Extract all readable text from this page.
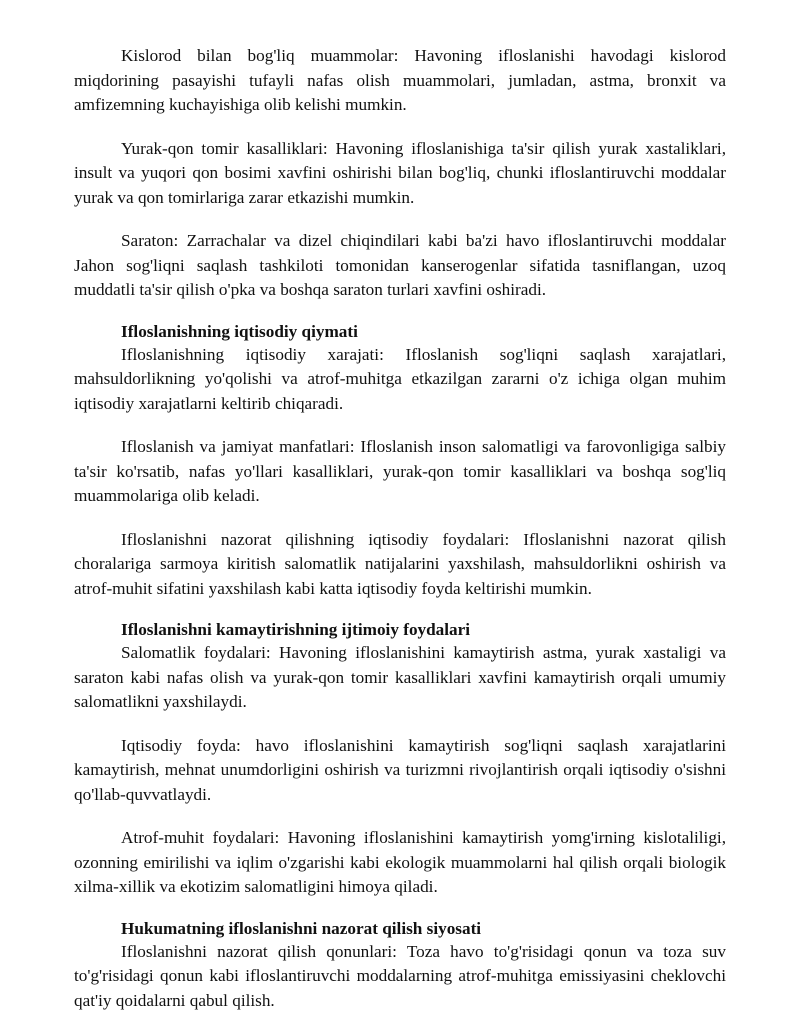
Kislorod bilan bog'liq muammolar: Havoning ifloslanishi havodagi kislorod miqdorining pasayishi tufayli nafas olish muammolari, jumladan, astma, bronxit va amfizemning kuchayishiga olib kelishi mumkin.

Yurak-qon tomir kasalliklari: Havoning ifloslanishiga ta'sir qilish yurak xastaliklari, insult va yuqori qon bosimi xavfini oshirishi bilan bog'liq, chunki ifloslantiruvchi moddalar yurak va qon tomirlariga zarar etkazishi mumkin.

Saraton: Zarrachalar va dizel chiqindilari kabi ba'zi havo ifloslantiruvchi moddalar Jahon sog'liqni saqlash tashkiloti tomonidan kanserogenlar sifatida tasniflangan, uzoq muddatli ta'sir qilish o'pka va boshqa saraton turlari xavfini oshiradi.

Ifloslanishning iqtisodiy qiymati

Ifloslanishning iqtisodiy xarajati: Ifloslanish sog'liqni saqlash xarajatlari, mahsuldorlikning yo'qolishi va atrof-muhitga etkazilgan zararni o'z ichiga olgan muhim iqtisodiy xarajatlarni keltirib chiqaradi.

Ifloslanish va jamiyat manfatlari: Ifloslanish inson salomatligi va farovonligiga salbiy ta'sir ko'rsatib, nafas yo'llari kasalliklari, yurak-qon tomir kasalliklari va boshqa sog'liq muammolariga olib keladi.

Ifloslanishni nazorat qilishning iqtisodiy foydalari: Ifloslanishni nazorat qilish choralariga sarmoya kiritish salomatlik natijalarini yaxshilash, mahsuldorlikni oshirish va atrof-muhit sifatini yaxshilash kabi katta iqtisodiy foyda keltirishi mumkin.

Ifloslanishni kamaytirishning ijtimoiy foydalari

Salomatlik foydalari: Havoning ifloslanishini kamaytirish astma, yurak xastaligi va saraton kabi nafas olish va yurak-qon tomir kasalliklari xavfini kamaytirish orqali umumiy salomatlikni yaxshilaydi.

Iqtisodiy foyda: havo ifloslanishini kamaytirish sog'liqni saqlash xarajatlarini kamaytirish, mehnat unumdorligini oshirish va turizmni rivojlantirish orqali iqtisodiy o'sishni qo'llab-quvvatlaydi.

Atrof-muhit foydalari: Havoning ifloslanishini kamaytirish yomg'irning kislotaliligi, ozonning emirilishi va iqlim o'zgarishi kabi ekologik muammolarni hal qilish orqali biologik xilma-xillik va ekotizim salomatligini himoya qiladi.

Hukumatning ifloslanishni nazorat qilish siyosati

Ifloslanishni nazorat qilish qonunlari: Toza havo to'g'risidagi qonun va toza suv to'g'risidagi qonun kabi ifloslantiruvchi moddalarning atrof-muhitga emissiyasini cheklovchi qat'iy qoidalarni qabul qilish.
